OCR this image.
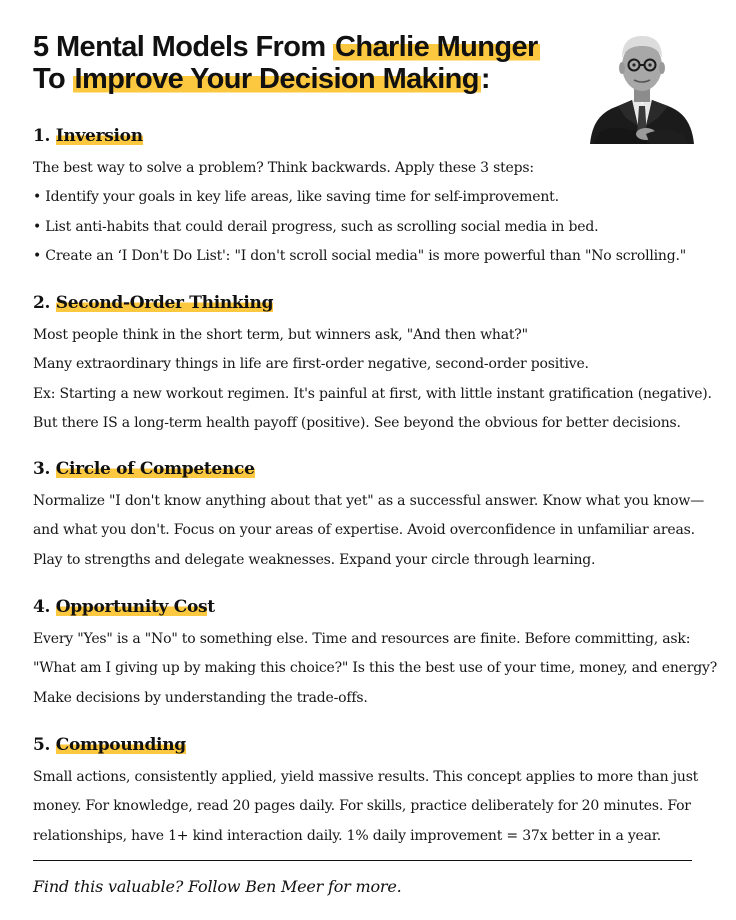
5 Mental Models From Charlie Munger
To Improve Your Decision Making:
1. Inversion

The best way to solve a problem? Think backwards. Apply these 3 steps:

• Identify your goals in key life areas, like saving time for self-improvement.

• List anti-habits that could derail progress, such as scrolling social media in bed.

• Create an ‘I Don't Do List': "I don't scroll social media" is more powerful than "No scrolling."

2. Second-Order Thinking

Most people think in the short term, but winners ask, "And then what?"

Many extraordinary things in life are first-order negative, second-order positive.

Ex: Starting a new workout regimen. It's painful at first, with little instant gratification (negative).

But there IS a long-term health payoff (positive). See beyond the obvious for better decisions.

3. Circle of Competence

Normalize "I don't know anything about that yet" as a successful answer. Know what you know—

and what you don't. Focus on your areas of expertise. Avoid overconfidence in unfamiliar areas.

Play to strengths and delegate weaknesses. Expand your circle through learning.

4. Opportunity Cost

Every "Yes" is a "No" to something else. Time and resources are finite. Before committing, ask:

"What am I giving up by making this choice?" Is this the best use of your time, money, and energy?

Make decisions by understanding the trade-offs.

5. Compounding

Small actions, consistently applied, yield massive results. This concept applies to more than just

money. For knowledge, read 20 pages daily. For skills, practice deliberately for 20 minutes. For

relationships, have 1+ kind interaction daily. 1% daily improvement = 37x better in a year.

Find this valuable? Follow Ben Meer for more.
